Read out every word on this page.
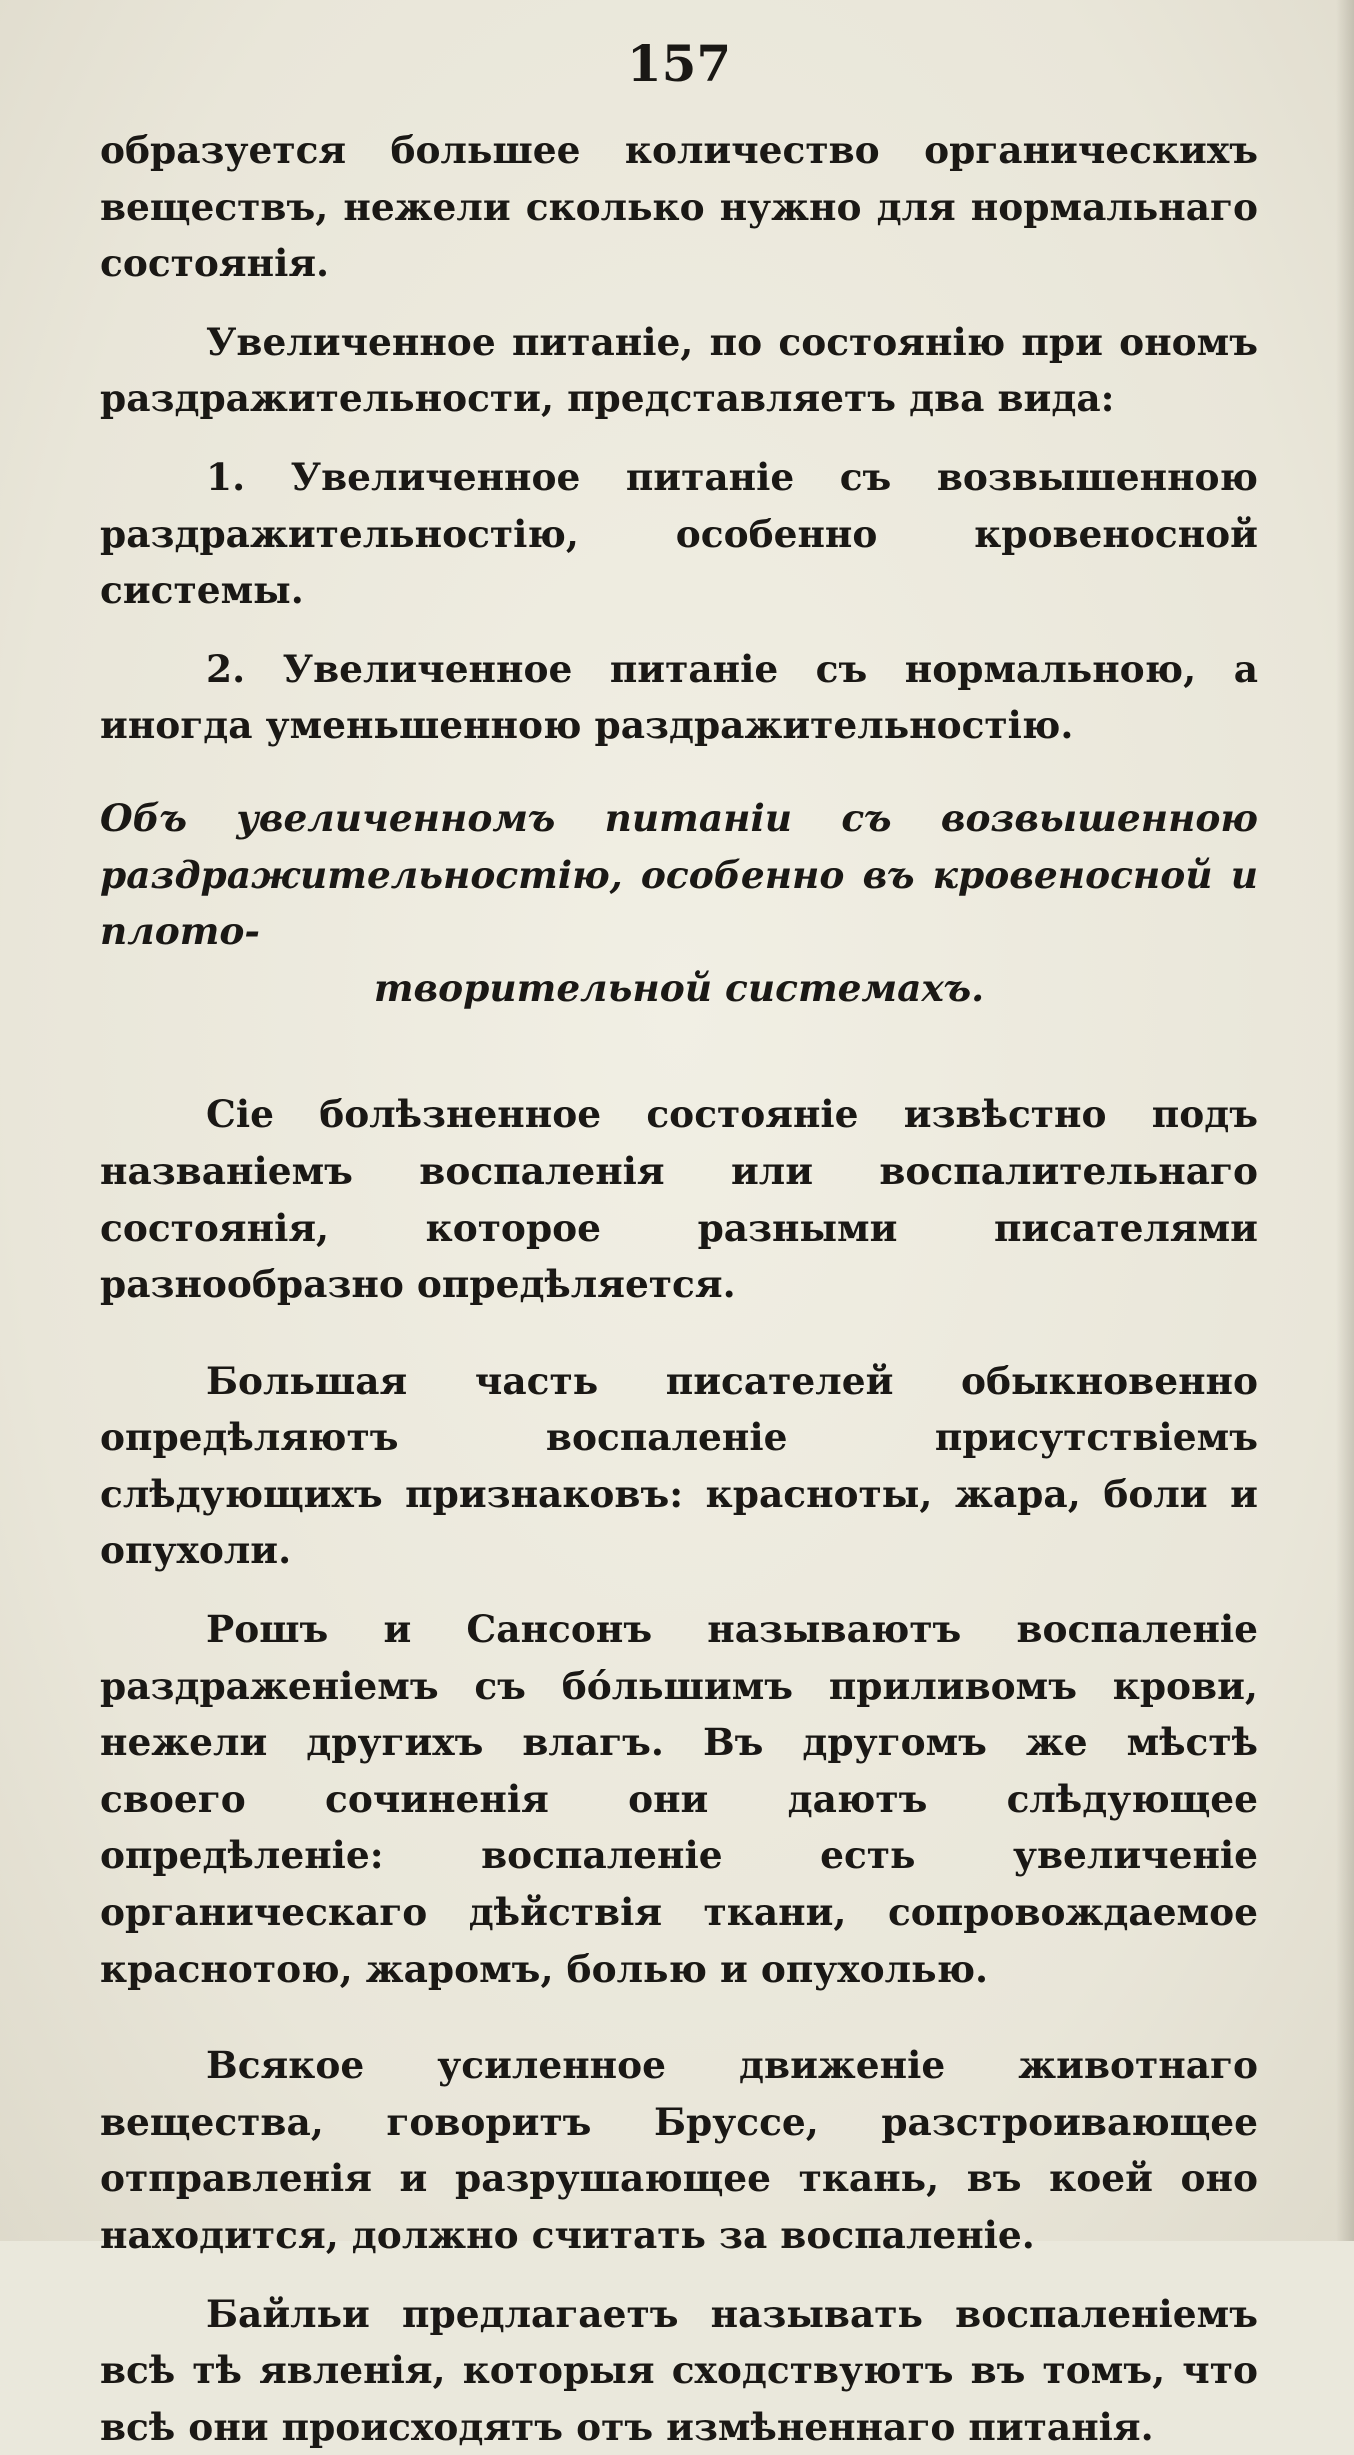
157

образуется большее количество органическихъ веществъ, нежели сколько нужно для нормальнаго состоянія.

Увеличенное питаніе, по состоянію при ономъ раздражительности, представляетъ два вида:

1. Увеличенное питаніе съ возвышенною раздражительностію, особенно кровеносной системы.

2. Увеличенное питаніе съ нормальною, а иногда уменьшенною раздражительностію.

Объ увеличенномъ питаніи съ возвышенною раздражительностію, особенно въ кровеносной и плото-
творительной системахъ.

Сіе болѣзненное состояніе извѣстно подъ названіемъ воспаленія или воспалительнаго состоянія, которое разными писателями разнообразно опредѣляется.

Большая часть писателей обыкновенно опредѣляютъ воспаленіе присутствіемъ слѣдующихъ признаковъ: красноты, жара, боли и опухоли.

Рошъ и Сансонъ называютъ воспаленіе раздраженіемъ съ бо́льшимъ приливомъ крови, нежели другихъ влагъ. Въ другомъ же мѣстѣ своего сочиненія они даютъ слѣдующее опредѣленіе: воспаленіе есть увеличеніе органическаго дѣйствія ткани, сопровождаемое краснотою, жаромъ, болью и опухолью.

Всякое усиленное движеніе животнаго вещества, говоритъ Бруссе, разстроивающее отправленія и разрушающее ткань, въ коей оно находится, должно считать за воспаленіе.

Байльи предлагаетъ называть воспаленіемъ всѣ тѣ явленія, которыя сходствуютъ въ томъ, что всѣ они происходятъ отъ измѣненнаго питанія.
